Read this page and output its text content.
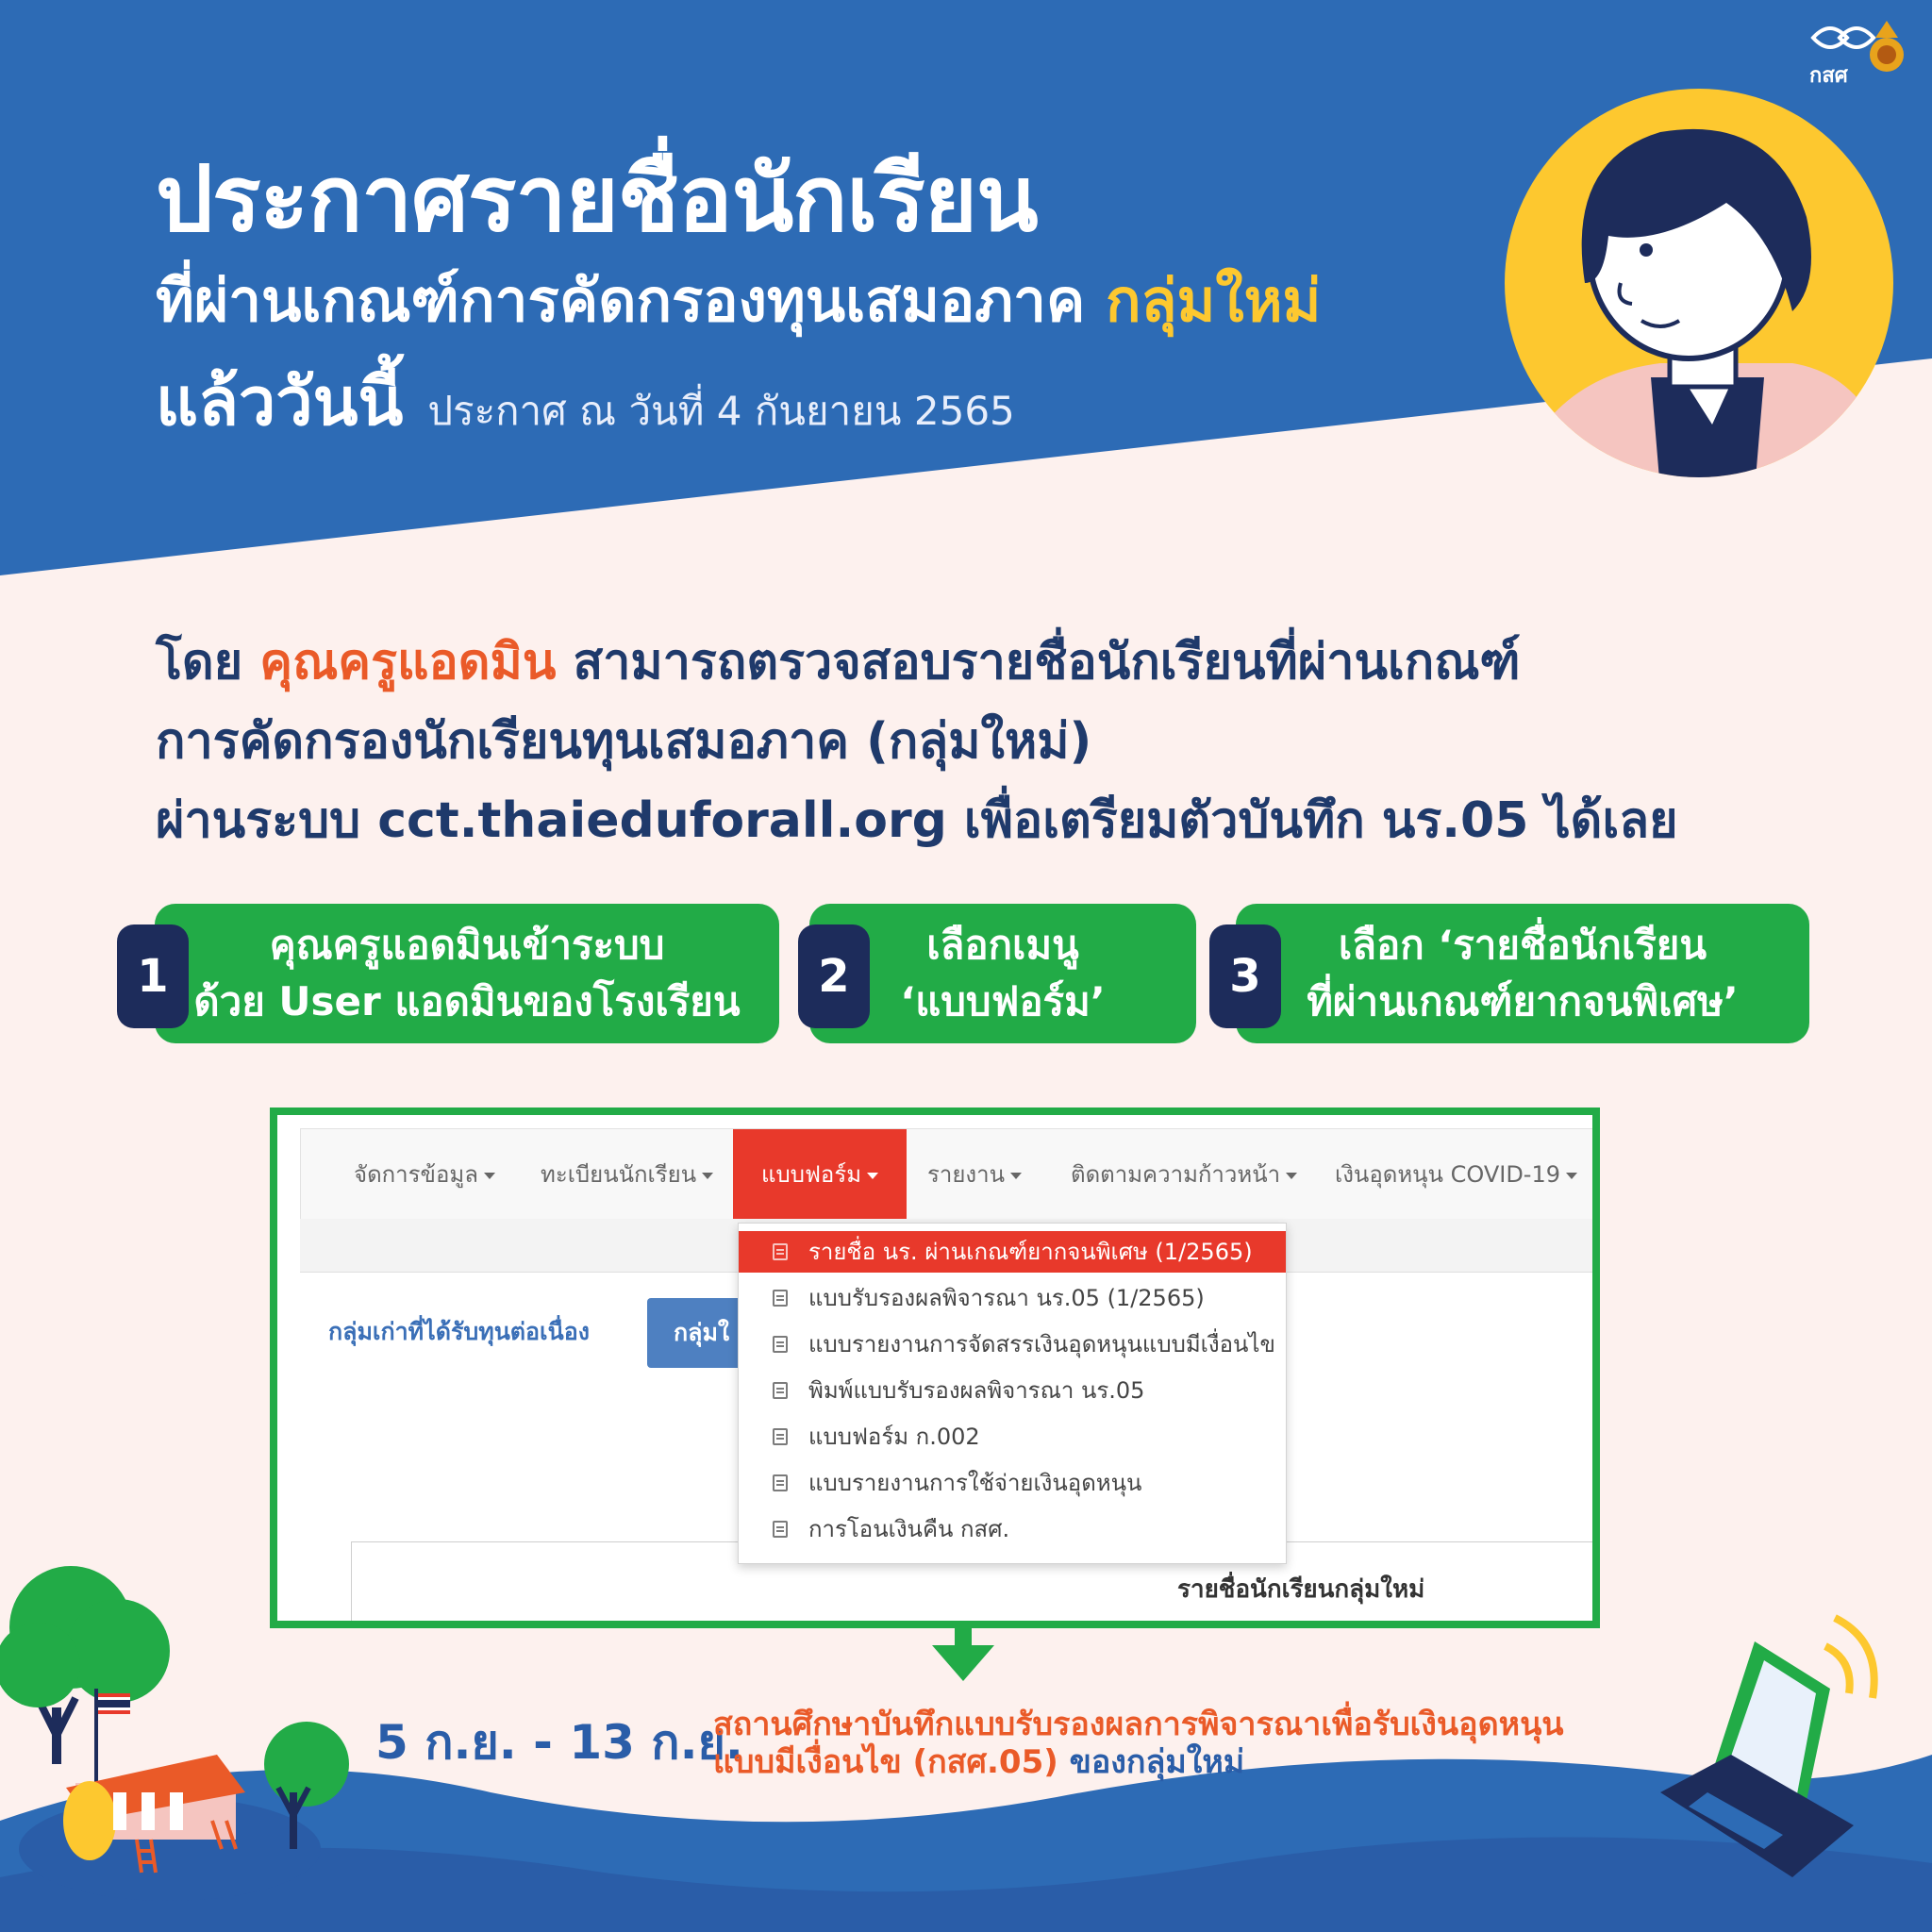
กสศ
ประกาศรายชื่อนักเรียน
ที่ผ่านเกณฑ์การคัดกรองทุนเสมอภาค กลุ่มใหม่
แล้ววันนี้ ประกาศ ณ วันที่ 4 กันยายน 2565
โดย คุณครูแอดมิน สามารถตรวจสอบรายชื่อนักเรียนที่ผ่านเกณฑ์
การคัดกรองนักเรียนทุนเสมอภาค (กลุ่มใหม่)
ผ่านระบบ cct.thaieduforall.org เพื่อเตรียมตัวบันทึก นร.05 ได้เลย
คุณครูแอดมินเข้าระบบ
ด้วย User แอดมินของโรงเรียน
1
เลือกเมนู
‘แบบฟอร์ม’
2
เลือก ‘รายชื่อนักเรียน
ที่ผ่านเกณฑ์ยากจนพิเศษ’
3
จัดการข้อมูล	ทะเบียนนักเรียน	แบบฟอร์ม	รายงาน	ติดตามความก้าวหน้า	เงินอุดหนุน COVID-19
กลุ่มเก่าที่ได้รับทุนต่อเนื่อง	กลุ่มใ
รายชื่อนักเรียนกลุ่มใหม่
รายชื่อ นร. ผ่านเกณฑ์ยากจนพิเศษ (1/2565)
แบบรับรองผลพิจารณา นร.05 (1/2565)
แบบรายงานการจัดสรรเงินอุดหนุนแบบมีเงื่อนไข
พิมพ์แบบรับรองผลพิจารณา นร.05
แบบฟอร์ม ก.002
แบบรายงานการใช้จ่ายเงินอุดหนุน
การโอนเงินคืน กสศ.
5 ก.ย. - 13 ก.ย.
สถานศึกษาบันทึกแบบรับรองผลการพิจารณาเพื่อรับเงินอุดหนุน
แบบมีเงื่อนไข (กสศ.05) ของกลุ่มใหม่
